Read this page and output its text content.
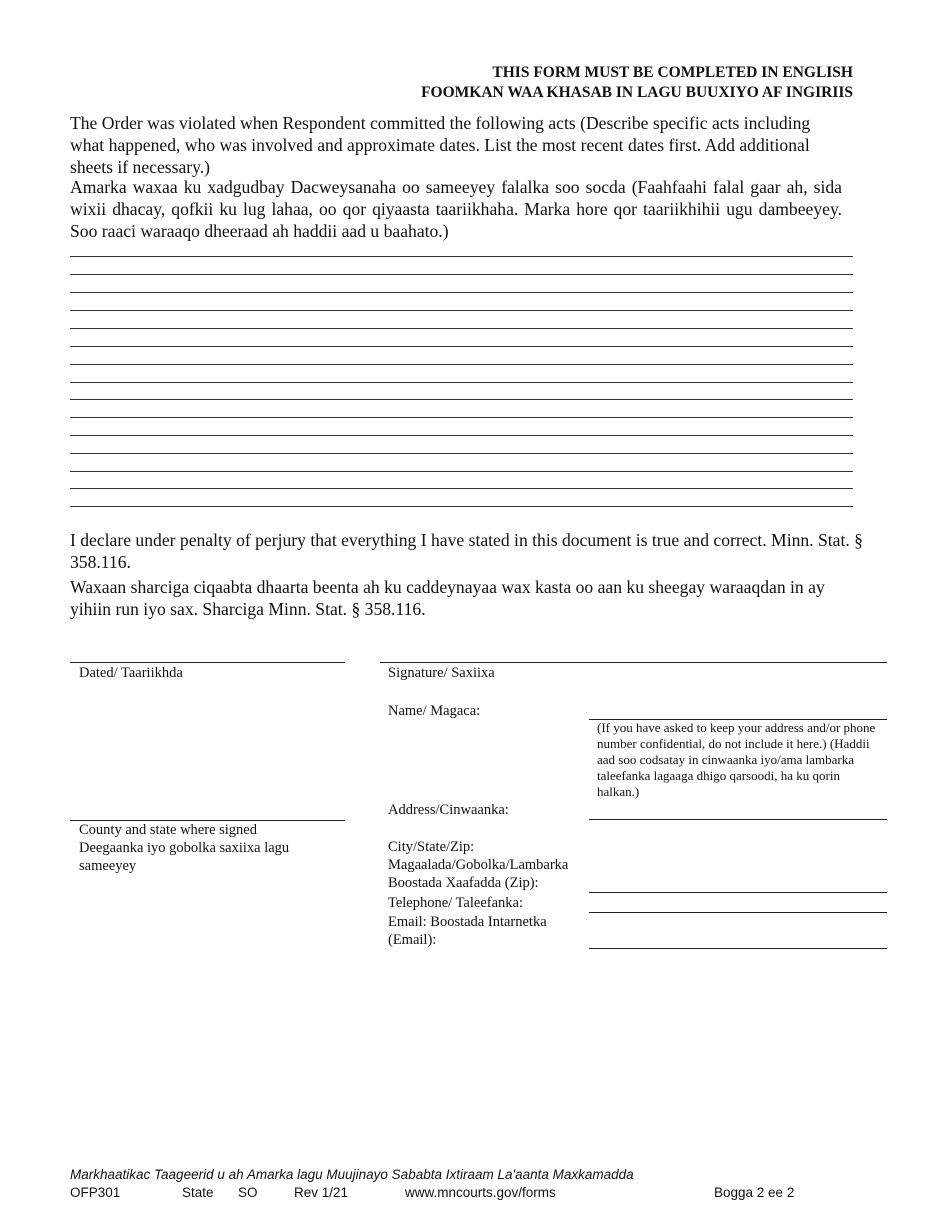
THIS FORM MUST BE COMPLETED IN ENGLISH
FOOMKAN WAA KHASAB IN LAGU BUUXIYO AF INGIRIIS
The Order was violated when Respondent committed the following acts (Describe specific acts including what happened, who was involved and approximate dates. List the most recent dates first. Add additional sheets if necessary.)
Amarka waxaa ku xadgudbay Dacweysanaha oo sameeyey falalka soo socda (Faahfaahi falal gaar ah, sida wixii dhacay, qofkii ku lug lahaa, oo qor qiyaasta taariikhaha. Marka hore qor taariikhihii ugu dambeeyey. Soo raaci waraaqo dheeraad ah haddii aad u baahato.)
I declare under penalty of perjury that everything I have stated in this document is true and correct. Minn. Stat. § 358.116.
Waxaan sharciga ciqaabta dhaarta beenta ah ku caddeynayaa wax kasta oo aan ku sheegay waraaqdan in ay yihiin run iyo sax. Sharciga Minn. Stat. § 358.116.
Dated/ Taariikhda
County and state where signed Deegaanka iyo gobolka saxiixa lagu sameeyey
Signature/ Saxiixa
Name/ Magaca:
(If you have asked to keep your address and/or phone number confidential, do not include it here.) (Haddii aad soo codsatay in cinwaanka iyo/ama lambarka taleefanka lagaaga dhigo qarsoodi, ha ku qorin halkan.)
Address/Cinwaanka:
City/State/Zip: Magaalada/Gobolka/Lambarka Boostada Xaafadda (Zip):
Telephone/ Taleefanka:
Email: Boostada Intarnetka (Email):
Markhaatikac Taageerid u ah Amarka lagu Muujinayo Sababta Ixtiraam La'aanta Maxkamadda
OFP301	State SO	Rev 1/21	www.mncourts.gov/forms	Bogga 2 ee 2
